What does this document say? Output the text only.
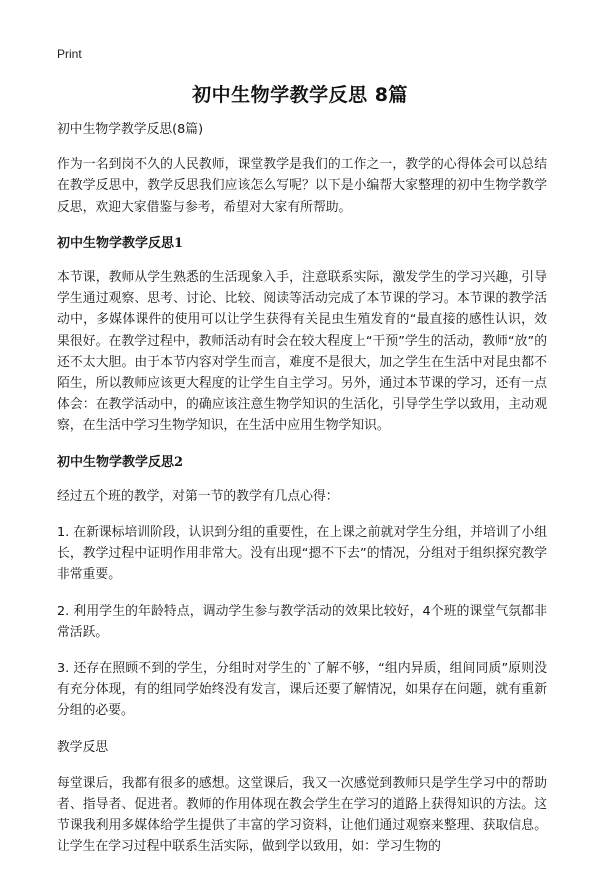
Print
初中生物学教学反思 8篇

初中生物学教学反思(8篇)

作为一名到岗不久的人民教师，课堂教学是我们的工作之一，教学的心得体会可以总结在教学反思中，教学反思我们应该怎么写呢？以下是小编帮大家整理的初中生物学教学反思，欢迎大家借鉴与参考，希望对大家有所帮助。

初中生物学教学反思1

本节课，教师从学生熟悉的生活现象入手，注意联系实际，激发学生的学习兴趣，引导学生通过观察、思考、讨论、比较、阅读等活动完成了本节课的学习。本节课的教学活动中，多媒体课件的使用可以让学生获得有关昆虫生殖发育的“最直接的感性认识，效果很好。在教学过程中，教师活动有时会在较大程度上“干预”学生的活动，教师“放”的还不太大胆。由于本节内容对学生而言，难度不是很大，加之学生在生活中对昆虫都不陌生，所以教师应该更大程度的让学生自主学习。另外，通过本节课的学习，还有一点体会：在教学活动中，的确应该注意生物学知识的生活化，引导学生学以致用，主动观察，在生活中学习生物学知识，在生活中应用生物学知识。

初中生物学教学反思2

经过五个班的教学，对第一节的教学有几点心得：

1. 在新课标培训阶段，认识到分组的重要性，在上课之前就对学生分组，并培训了小组长，教学过程中证明作用非常大。没有出现“摁不下去”的情况，分组对于组织探究教学非常重要。

2. 利用学生的年龄特点，调动学生参与教学活动的效果比较好，4个班的课堂气氛都非常活跃。

3. 还存在照顾不到的学生，分组时对学生的`了解不够，“组内异质，组间同质”原则没有充分体现，有的组同学始终没有发言，课后还要了解情况，如果存在问题，就有重新分组的必要。

教学反思

每堂课后，我都有很多的感想。这堂课后，我又一次感觉到教师只是学生学习中的帮助者、指导者、促进者。教师的作用体现在教会学生在学习的道路上获得知识的方法。这节课我利用多媒体给学生提供了丰富的学习资料，让他们通过观察来整理、获取信息。让学生在学习过程中联系生活实际，做到学以致用，如：学习生物的
